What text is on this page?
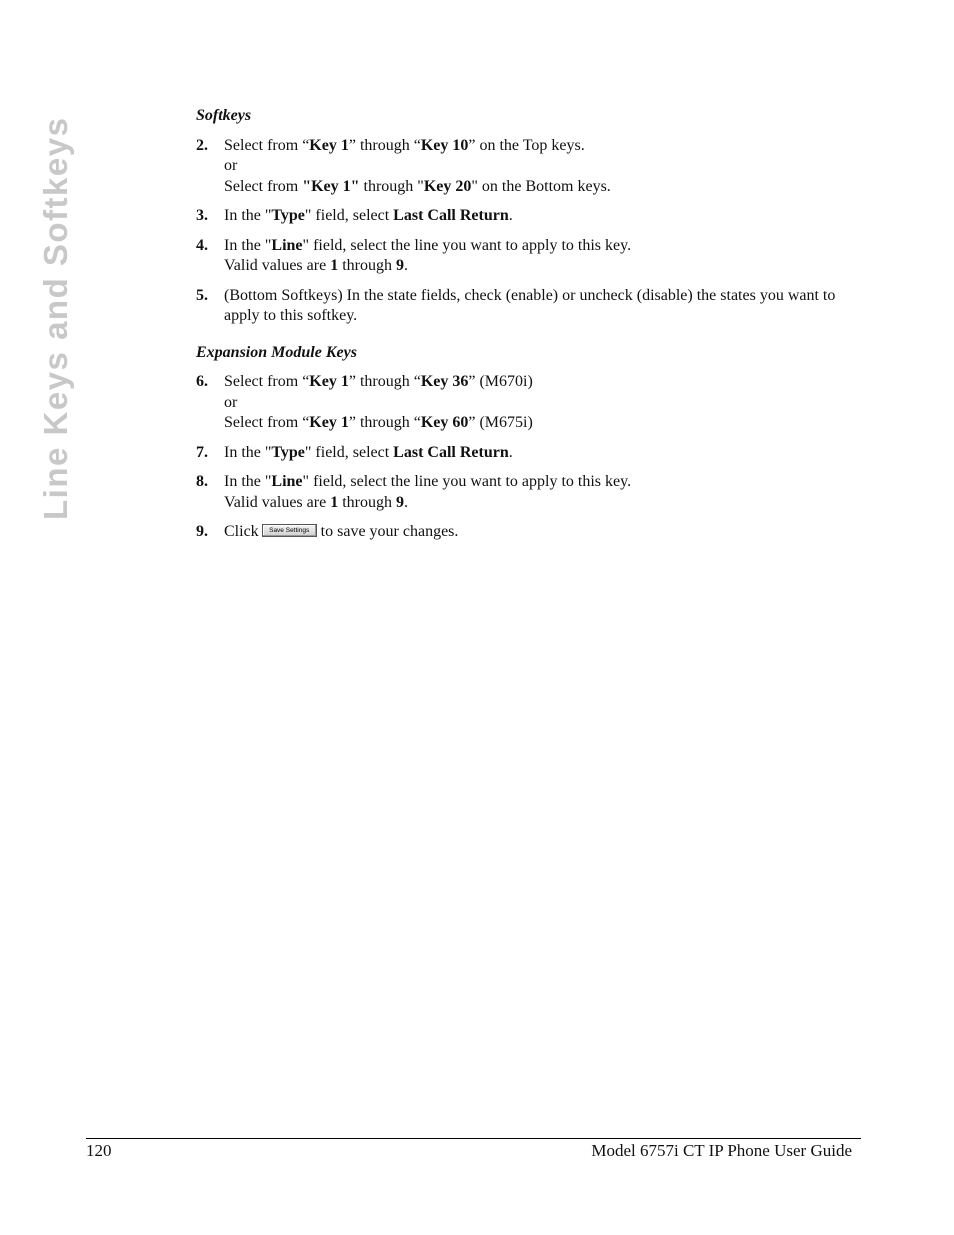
Line Keys and Softkeys
Softkeys
2. Select from “Key 1” through “Key 10” on the Top keys.
or
Select from "Key 1" through "Key 20" on the Bottom keys.
3. In the "Type" field, select Last Call Return.
4. In the "Line" field, select the line you want to apply to this key.
Valid values are 1 through 9.
5. (Bottom Softkeys) In the state fields, check (enable) or uncheck (disable) the states you want to apply to this softkey.
Expansion Module Keys
6. Select from “Key 1” through “Key 36” (M670i)
or
Select from “Key 1” through “Key 60” (M675i)
7. In the "Type" field, select Last Call Return.
8. In the "Line" field, select the line you want to apply to this key.
Valid values are 1 through 9.
9. Click Save Settings to save your changes.
120	Model 6757i CT IP Phone User Guide
